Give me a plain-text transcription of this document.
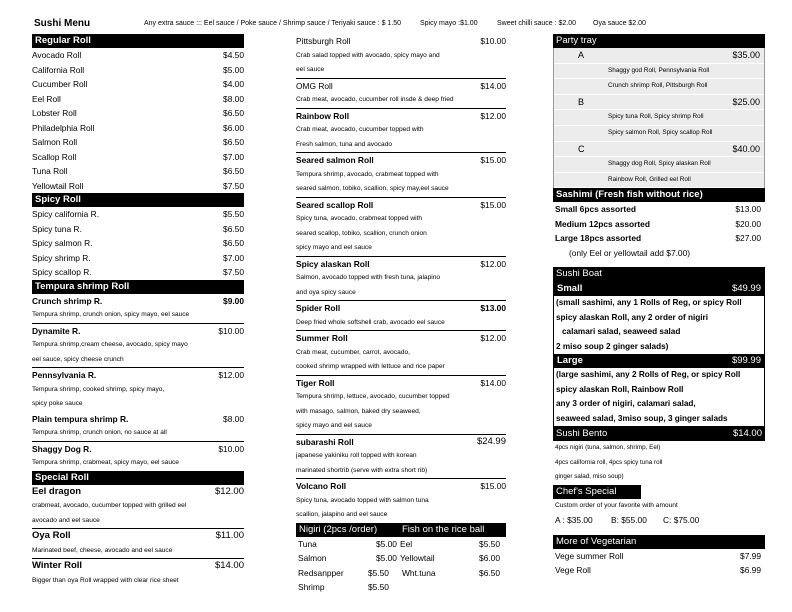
Sushi Menu	Any extra sauce ::: Eel sauce / Poke sauce / Shrimp sauce / Teriyaki sauce : $ 1.50	Spicy mayo :$1.00	Sweet chilli sauce : $2.00 Oya sauce $2.00
Regular Roll
Avocado Roll	$4.50
California Roll	$5.00
Cucumber Roll	$4.00
Eel Roll	$8.00
Lobster Roll	$6.50
Philadelphia Roll	$6.00
Salmon Roll	$6.50
Scallop Roll	$7.00
Tuna Roll	$6.50
Yellowtail Roll	$7.50
Spicy Roll
Spicy california R.	$5.50
Spicy tuna R.	$6.50
Spicy salmon R.	$6.50
Spicy shrimp R.	$7.00
Spicy scallop R.	$7.50
Tempura shrimp Roll
Crunch shrimp R.	$9.00
Tempura shrimp, crunch onion, spicy mayo, eel sauce
Dynamite R.	$10.00
Tempura shrimp,cream cheese, avocado, spicy mayo
eel sauce, spicy cheese crunch
Pennsylvania R.	$12.00
Tempura shrimp, cooked shrimp, spicy mayo,
spicy poke sauce
Plain tempura shrimp R.	$8.00
Tempura shrimp, crunch onion, no sauce at all
Shaggy Dog R.	$10.00
Tempura shrimp, crabmeat, spicy mayo, eel sauce
Special Roll
Eel dragon	$12.00
crabmeat, avocado, cucumber topped with grilled eel
avocado and eel sauce
Oya Roll	$11.00
Marinated beef, cheese, avocado and eel sauce
Winter Roll	$14.00
Bigger than oya Roll wrapped with clear rice sheet
Pittsburgh Roll	$10.00
Crab salad topped with avocado, spicy mayo and
eel sauce
OMG Roll	$14.00
Crab meat, avocado, cucumber roll insde & deep fried
Rainbow Roll	$12.00
Crab meat, avocado, cucumber topped with
Fresh salmon, tuna and avocado
Seared salmon Roll	$15.00
Tempura shrimp, avocado, crabmeat topped with
seared salmon, tobiko, scallion, spicy may,eel sauce
Seared scallop Roll	$15.00
Spicy tuna, avocado, crabmeat topped with
seared scallop, tobiko, scallion, crunch onion
spicy mayo and eel sauce
Spicy alaskan Roll	$12.00
Salmon, avocado topped with fresh tuna, jalapino
and oya spicy sauce
Spider Roll	$13.00
Deep fried whole softshell crab, avocado eel sauce
Summer Roll	$12.00
Crab meat, cucumber, carrot, avocado,
cooked shrimp wrapped with lettuce and rice paper
Tiger Roll	$14.00
Tempura shrimp, lettuce, avocado, cucumber topped
with masago, salmon, baked dry seaweed,
spicy mayo and eel sauce
subarashi Roll	$24.99
japanese yakiniku roll topped with korean
marinated shortrib (serve with extra short rib)
Volcano Roll	$15.00
Spicy tuna, avocado topped with salmon tuna
scallion, jalapino and eel sauce
Nigiri (2pcs /order)	Fish on the rice ball
Tuna	$5.00 Eel	$5.50
Salmon	$5.00 Yellowtail	$6.00
Redsanpper	$5.50 Wht.tuna	$6.50
Shrimp	$5.50
Party tray
A	$35.00
Shaggy god Roll, Pennsylvania Roll
Crunch shrimp Roll, Pittsburgh Roll
B	$25.00
Spicy tuna Roll, Spicy shrimp Roll
Spicy salmon Roll, Spicy scallop Roll
C	$40.00
Shaggy dog Roll, Spicy alaskan Roll
Rainbow Roll, Grilled eel Roll
Sashimi (Fresh fish without rice)
Small 6pcs assorted	$13.00
Medium 12pcs assorted	$20.00
Large 18pcs assorted	$27.00
(only Eel or yellowtail add $7.00)
Sushi Boat
Small	$49.99
(small sashimi, any 1 Rolls of Reg, or spicy Roll
spicy alaskan Roll, any 2 order of nigiri
calamari salad, seaweed salad
2 miso soup 2 ginger salads)
Large	$99.99
(large sashimi, any 2 Rolls of Reg, or spicy Roll
spicy alaskan Roll, Rainbow Roll
any 3 order of nigiri, calamari salad,
seaweed salad, 3miso soup, 3 ginger salads
Sushi Bento	$14.00
4pcs nigiri (tuna, salmon, shrimp, Eel)
4pcs california roll, 4pcs spicy tuna roll
ginger salad, miso soup)
Chef's Special
Custom order of your favorite with amount
A : $35.00 B: $55.00 C: $75.00
More of Vegetarian
Vege summer Roll	$7.99
Vege Roll	$6.99
